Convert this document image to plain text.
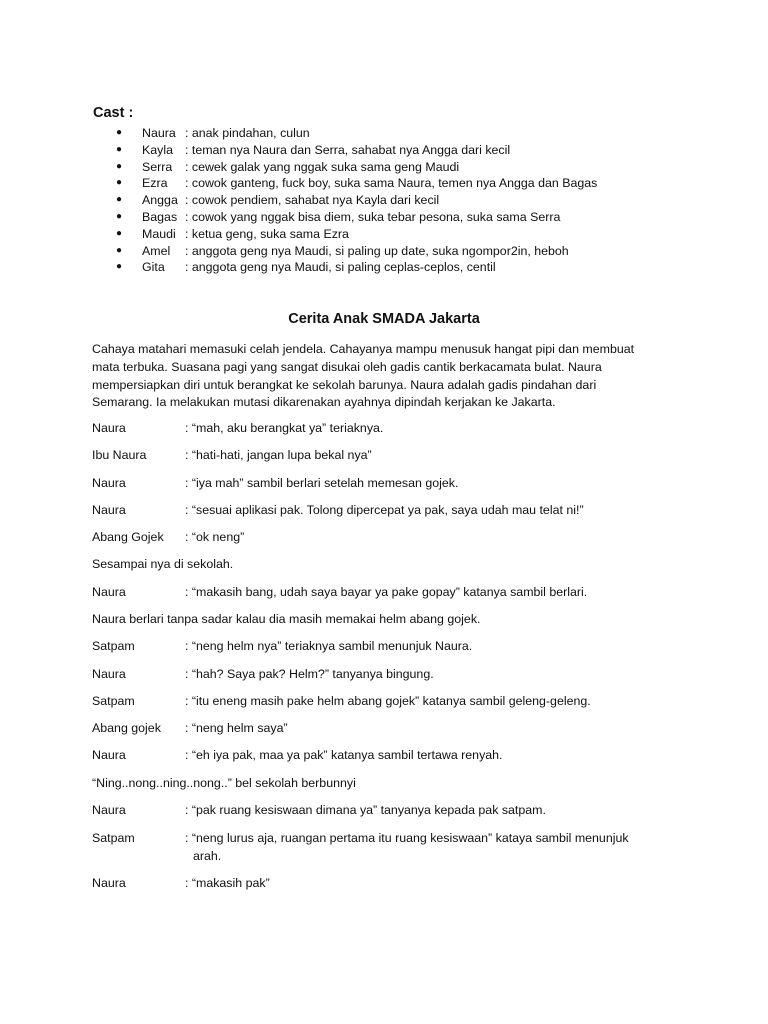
Cast :
● Naura : anak pindahan, culun
● Kayla : teman nya Naura dan Serra, sahabat nya Angga dari kecil
● Serra : cewek galak yang nggak suka sama geng Maudi
● Ezra : cowok ganteng, fuck boy, suka sama Naura, temen nya Angga dan Bagas
● Angga : cowok pendiem, sahabat nya Kayla dari kecil
● Bagas : cowok yang nggak bisa diem, suka tebar pesona, suka sama Serra
● Maudi : ketua geng, suka sama Ezra
● Amel : anggota geng nya Maudi, si paling up date, suka ngompor2in, heboh
● Gita : anggota geng nya Maudi, si paling ceplas-ceplos, centil
Cerita Anak SMADA Jakarta

Cahaya matahari memasuki celah jendela. Cahayanya mampu menusuk hangat pipi dan membuat
mata terbuka. Suasana pagi yang sangat disukai oleh gadis cantik berkacamata bulat. Naura
mempersiapkan diri untuk berangkat ke sekolah barunya. Naura adalah gadis pindahan dari
Semarang. Ia melakukan mutasi dikarenakan ayahnya dipindah kerjakan ke Jakarta.

Naura	: “mah, aku berangkat ya” teriaknya.
Ibu Naura	: “hati-hati, jangan lupa bekal nya”
Naura	: “iya mah” sambil berlari setelah memesan gojek.
Naura	: “sesuai aplikasi pak. Tolong dipercepat ya pak, saya udah mau telat ni!”
Abang Gojek : “ok neng”
Sesampai nya di sekolah.
Naura	: “makasih bang, udah saya bayar ya pake gopay” katanya sambil berlari.
Naura berlari tanpa sadar kalau dia masih memakai helm abang gojek.
Satpam	: “neng helm nya” teriaknya sambil menunjuk Naura.
Naura	: “hah? Saya pak? Helm?” tanyanya bingung.
Satpam	: “itu eneng masih pake helm abang gojek” katanya sambil geleng-geleng.
Abang gojek : “neng helm saya”
Naura	: “eh iya pak, maa ya pak” katanya sambil tertawa renyah.
“Ning..nong..ning..nong..” bel sekolah berbunnyi
Naura	: “pak ruang kesiswaan dimana ya” tanyanya kepada pak satpam.
Satpam	: “neng lurus aja, ruangan pertama itu ruang kesiswaan” kataya sambil menunjuk
arah.
Naura	: “makasih pak”
